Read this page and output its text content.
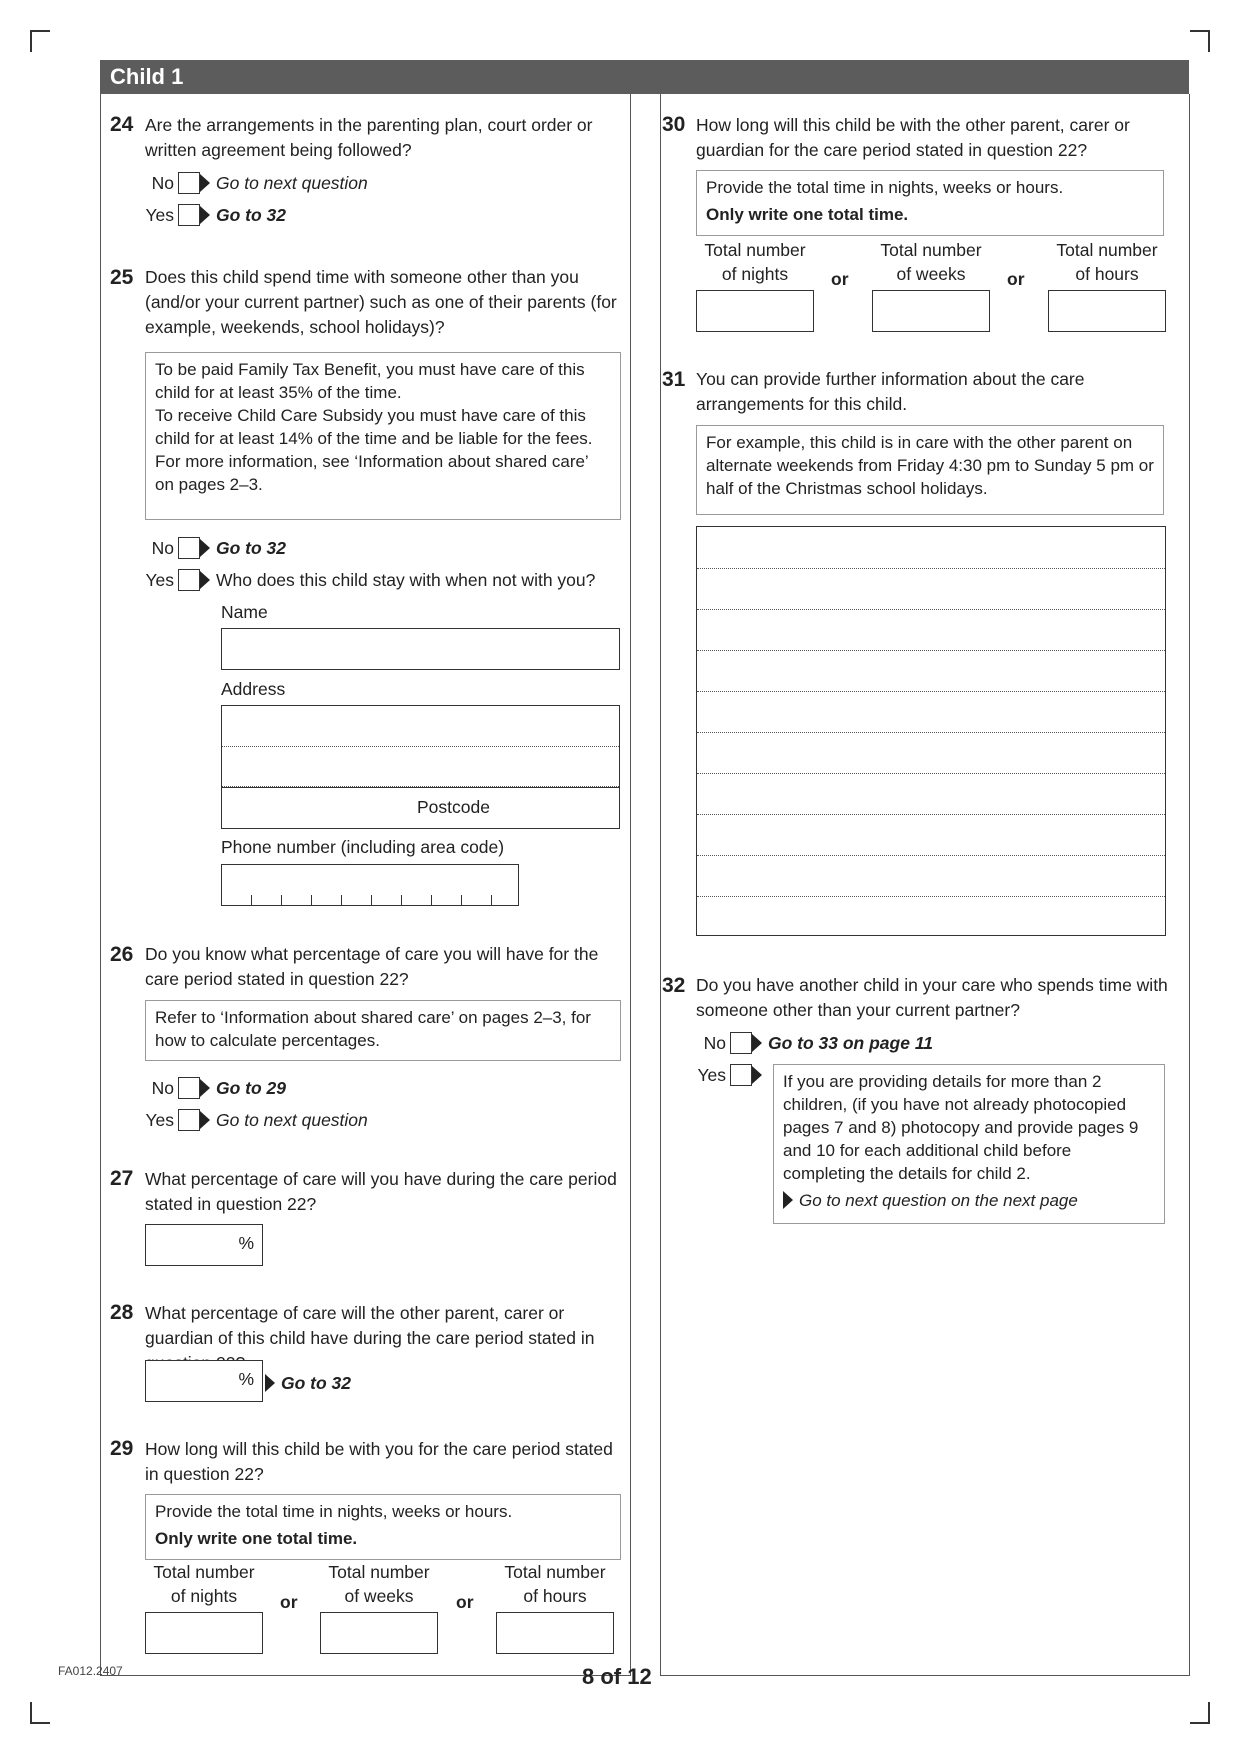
Child 1
24 Are the arrangements in the parenting plan, court order or written agreement being followed?
No Go to next question
Yes Go to 32
25 Does this child spend time with someone other than you (and/or your current partner) such as one of their parents (for example, weekends, school holidays)?
To be paid Family Tax Benefit, you must have care of this child for at least 35% of the time.
To receive Child Care Subsidy you must have care of this child for at least 14% of the time and be liable for the fees.
For more information, see ‘Information about shared care’ on pages 2–3.
No Go to 32
Yes Who does this child stay with when not with you?
Name
Address
Postcode
Phone number (including area code)
26 Do you know what percentage of care you will have for the care period stated in question 22?
Refer to ‘Information about shared care’ on pages 2–3, for how to calculate percentages.
No Go to 29
Yes Go to next question
27 What percentage of care will you have during the care period stated in question 22?
%
28 What percentage of care will the other parent, carer or guardian of this child have during the care period stated in
%	Go to 32
29 How long will this child be with you for the care period stated in question 22?
Provide the total time in nights, weeks or hours.
Only write one total time.
Total number
of nights	or
Total number
of weeks	or
Total number
of hours
30 How long will this child be with the other parent, carer or guardian for the care period stated in question 22?
Provide the total time in nights, weeks or hours.
Only write one total time.
Total number
of nights	or
Total number
of weeks	or
Total number
of hours
31 You can provide further information about the care arrangements for this child.
For example, this child is in care with the other parent on alternate weekends from Friday 4:30 pm to Sunday 5 pm or half of the Christmas school holidays.
32 Do you have another child in your care who spends time with someone other than your current partner?
No Go to 33 on page 11
Yes	If you are providing details for more than 2 children, (if you have not already photocopied pages 7 and 8) photocopy and provide pages 9 and 10 for each additional child before completing the details for child 2.
Go to next question on the next page
FA012.2407	8 of 12
